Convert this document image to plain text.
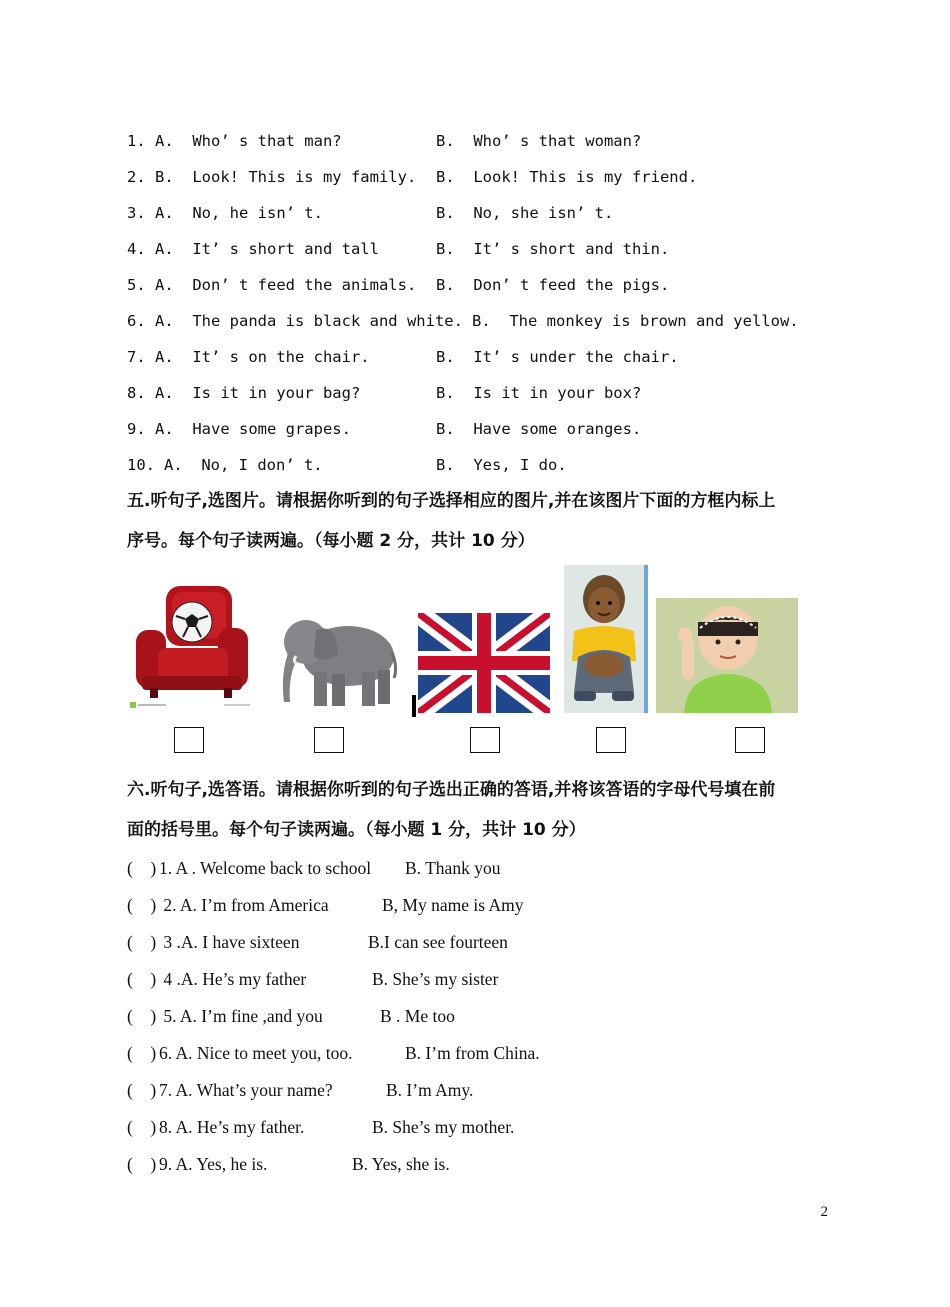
1. A.  Who’ s that man?	B.  Who’ s that woman?
2. B.  Look! This is my family. B.  Look! This is my friend.
3. A.  No, he isn’ t.	B.  No, she isn’ t.
4. A.  It’ s short and tall	B.  It’ s short and thin.
5. A.  Don’ t feed the animals. B.  Don’ t feed the pigs.
6. A.  The panda is black and white. B.  The monkey is brown and yellow.
7. A.  It’ s on the chair.	B.  It’ s under the chair.
8. A.  Is it in your bag?	B.  Is it in your box?
9. A.  Have some grapes.	B.  Have some oranges.
10. A.  No, I don’ t.	B.  Yes, I do.
五.听句子,选图片。请根据你听到的句子选择相应的图片,并在该图片下面的方框内标上
序号。每个句子读两遍。（每小题 2 分，共计 10 分）
六.听句子,选答语。请根据你听到的句子选出正确的答语,并将该答语的字母代号填在前
面的括号里。每个句子读两遍。（每小题 1 分，共计 10 分）
(    ) 1. A . Welcome back to school B. Thank you
(    ) 2. A. I’m from America	B, My name is Amy
(    ) 3 .A. I have sixteen	B.I can see fourteen
(    ) 4 .A. He’s my father	B. She’s my sister
(    ) 5. A. I’m fine ,and you	B . Me too
(    ) 6. A. Nice to meet you, too.	B. I’m from China.
(    ) 7. A. What’s your name?	B. I’m Amy.
(    ) 8. A. He’s my father.	B. She’s my mother.
(    ) 9. A. Yes, he is.	B. Yes, she is.
2
